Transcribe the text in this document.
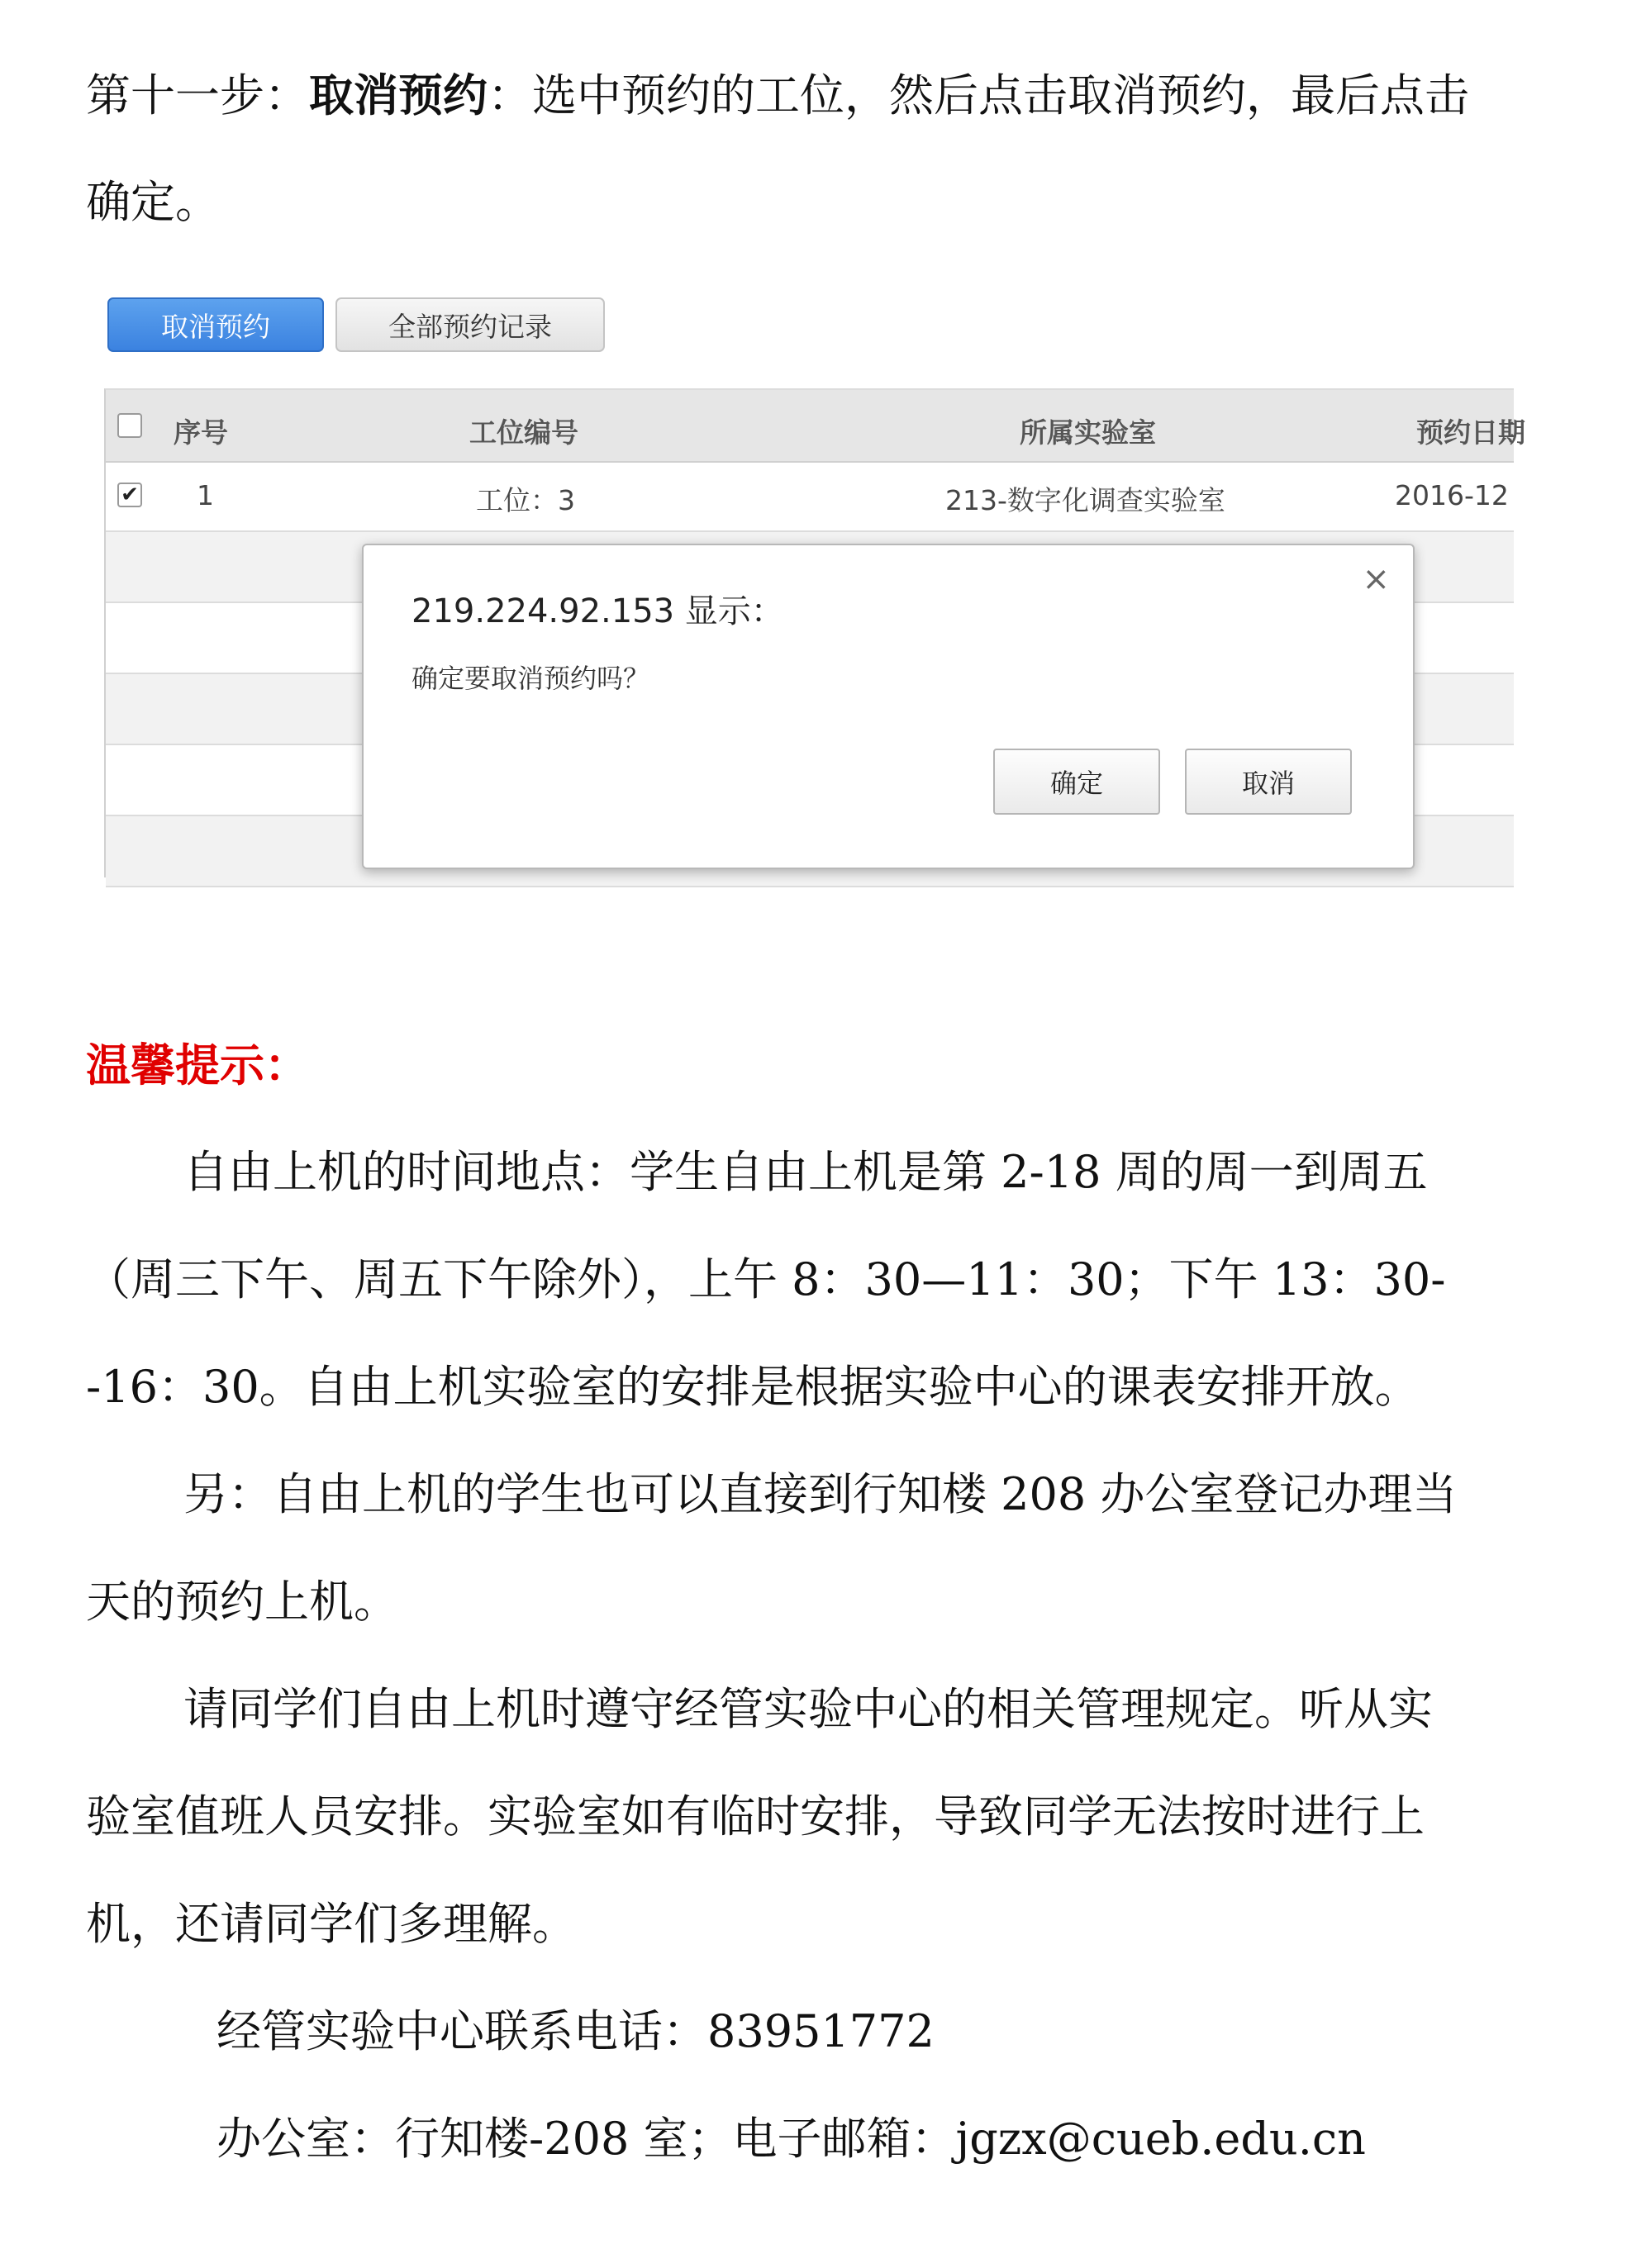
第十一步：取消预约：选中预约的工位，然后点击取消预约，最后点击
确定。
取消预约	全部预约记录
序号	工位编号	所属实验室	预约日期
✔ 1	工位：3	213-数字化调查实验室	2016-12
219.224.92.153 显示：
×
确定要取消预约吗？
确定	取消
温馨提示：
自由上机的时间地点：学生自由上机是第 2-18 周的周一到周五
（周三下午、周五下午除外），上午 8：30—11：30；下午 13：30-
-16：30。自由上机实验室的安排是根据实验中心的课表安排开放。
另：自由上机的学生也可以直接到行知楼 208 办公室登记办理当
天的预约上机。
请同学们自由上机时遵守经管实验中心的相关管理规定。听从实
验室值班人员安排。实验室如有临时安排，导致同学无法按时进行上
机，还请同学们多理解。
经管实验中心联系电话：83951772
办公室：行知楼-208 室；电子邮箱：jgzx@cueb.edu.cn
